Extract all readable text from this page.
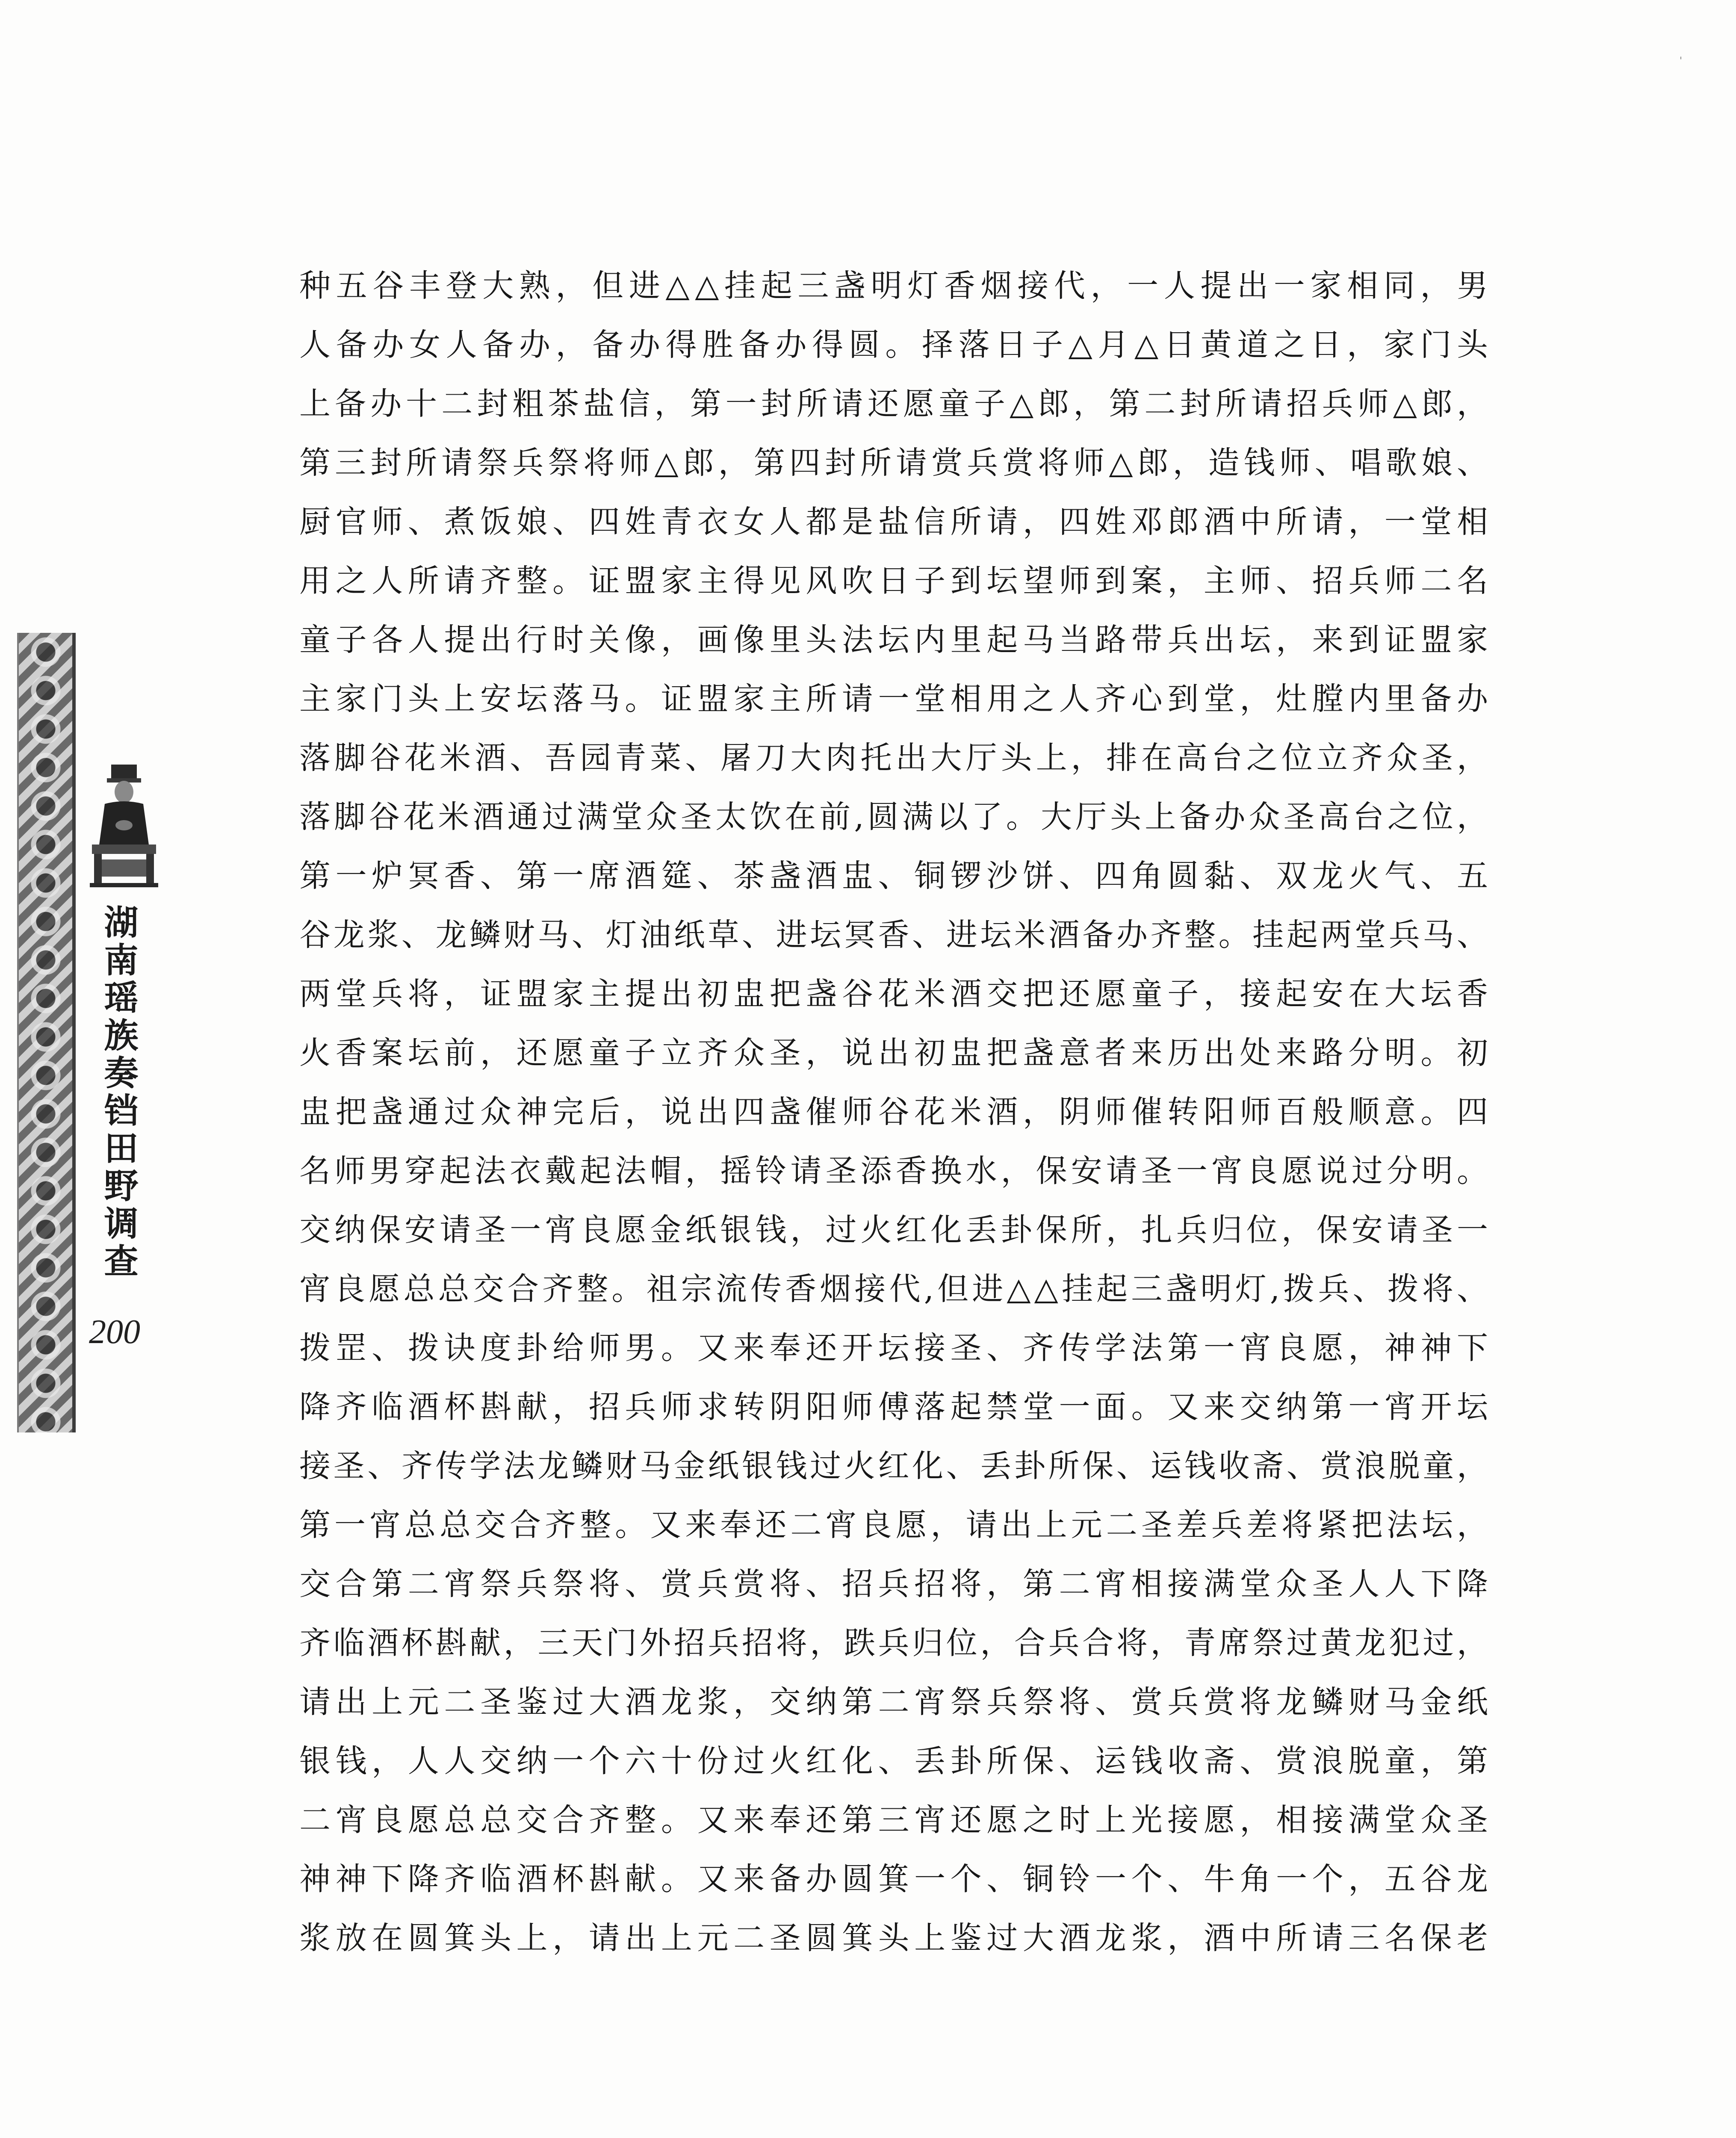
'
湖南瑶族奏铛田野调查
200
种五谷丰登大熟，但进△△挂起三盏明灯香烟接代，一人提出一家相同，男
人备办女人备办，备办得胜备办得圆。择落日子△月△日黄道之日，家门头
上备办十二封粗茶盐信，第一封所请还愿童子△郎，第二封所请招兵师△郎，
第三封所请祭兵祭将师△郎，第四封所请赏兵赏将师△郎，造钱师、唱歌娘、
厨官师、煮饭娘、四姓青衣女人都是盐信所请，四姓邓郎酒中所请，一堂相
用之人所请齐整。证盟家主得见风吹日子到坛望师到案，主师、招兵师二名
童子各人提出行时关像，画像里头法坛内里起马当路带兵出坛，来到证盟家
主家门头上安坛落马。证盟家主所请一堂相用之人齐心到堂，灶膛内里备办
落脚谷花米酒、吾园青菜、屠刀大肉托出大厅头上，排在高台之位立齐众圣，
落脚谷花米酒通过满堂众圣太饮在前,圆满以了。大厅头上备办众圣高台之位，
第一炉冥香、第一席酒筵、茶盏酒盅、铜锣沙饼、四角圆黏、双龙火气、五
谷龙浆、龙鳞财马、灯油纸草、进坛冥香、进坛米酒备办齐整。挂起两堂兵马、
两堂兵将，证盟家主提出初盅把盏谷花米酒交把还愿童子，接起安在大坛香
火香案坛前，还愿童子立齐众圣，说出初盅把盏意者来历出处来路分明。初
盅把盏通过众神完后，说出四盏催师谷花米酒，阴师催转阳师百般顺意。四
名师男穿起法衣戴起法帽，摇铃请圣添香换水，保安请圣一宵良愿说过分明。
交纳保安请圣一宵良愿金纸银钱，过火红化丢卦保所，扎兵归位，保安请圣一
宵良愿总总交合齐整。祖宗流传香烟接代,但进△△挂起三盏明灯,拨兵、拨将、
拨罡、拨诀度卦给师男。又来奉还开坛接圣、齐传学法第一宵良愿，神神下
降齐临酒杯斟献，招兵师求转阴阳师傅落起禁堂一面。又来交纳第一宵开坛
接圣、齐传学法龙鳞财马金纸银钱过火红化、丢卦所保、运钱收斋、赏浪脱童，
第一宵总总交合齐整。又来奉还二宵良愿，请出上元二圣差兵差将紧把法坛，
交合第二宵祭兵祭将、赏兵赏将、招兵招将，第二宵相接满堂众圣人人下降
齐临酒杯斟献，三天门外招兵招将，跌兵归位，合兵合将，青席祭过黄龙犯过，
请出上元二圣鉴过大酒龙浆，交纳第二宵祭兵祭将、赏兵赏将龙鳞财马金纸
银钱，人人交纳一个六十份过火红化、丢卦所保、运钱收斋、赏浪脱童，第
二宵良愿总总交合齐整。又来奉还第三宵还愿之时上光接愿，相接满堂众圣
神神下降齐临酒杯斟献。又来备办圆箕一个、铜铃一个、牛角一个，五谷龙
浆放在圆箕头上，请出上元二圣圆箕头上鉴过大酒龙浆，酒中所请三名保老
